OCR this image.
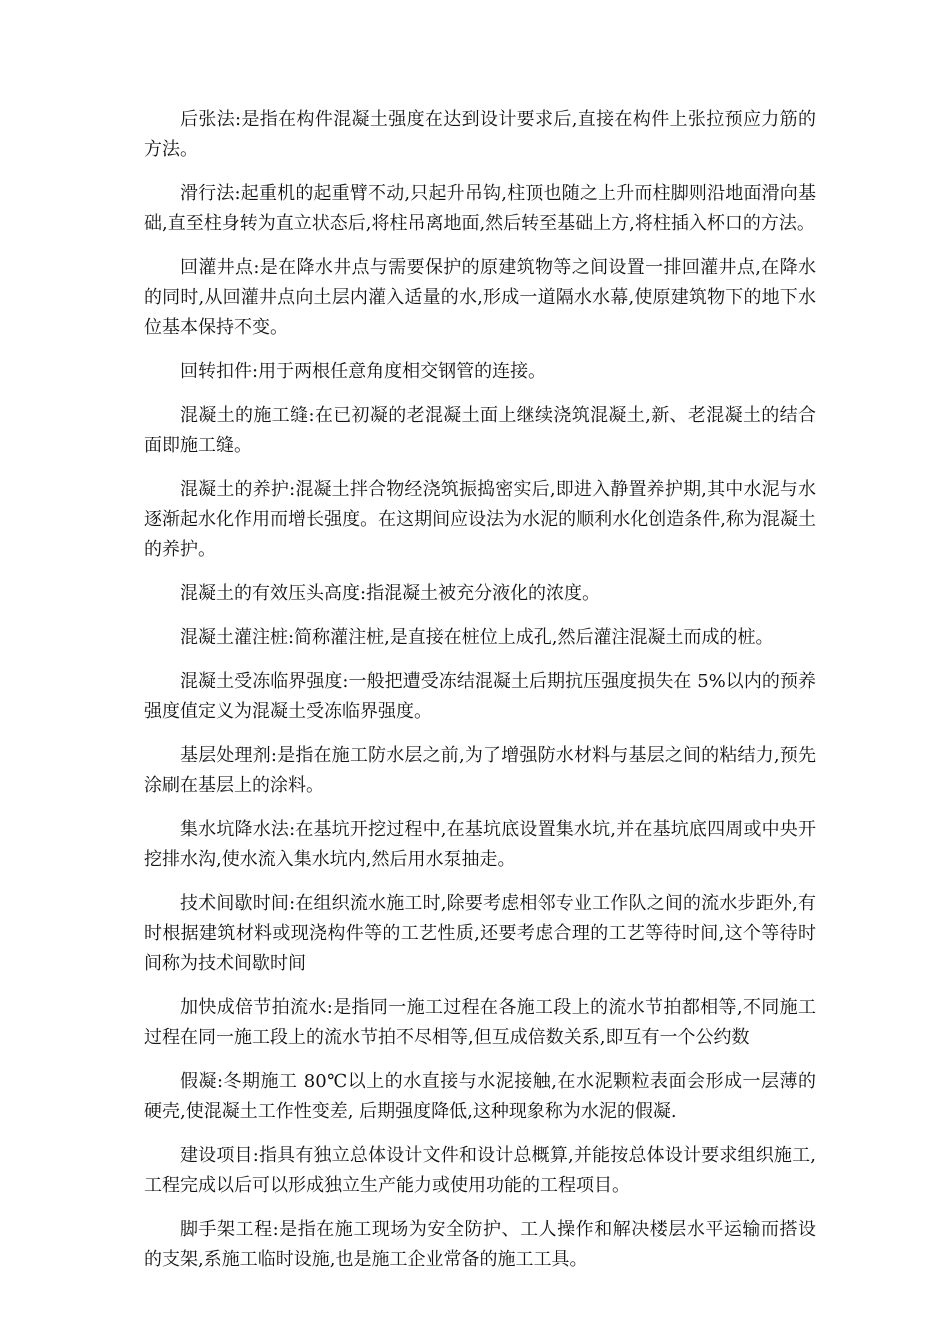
后张法:是指在构件混凝土强度在达到设计要求后,直接在构件上张拉预应力筋的方法。

滑行法:起重机的起重臂不动,只起升吊钩,柱顶也随之上升而柱脚则沿地面滑向基础,直至柱身转为直立状态后,将柱吊离地面,然后转至基础上方,将柱插入杯口的方法。

回灌井点:是在降水井点与需要保护的原建筑物等之间设置一排回灌井点,在降水的同时,从回灌井点向土层内灌入适量的水,形成一道隔水水幕,使原建筑物下的地下水位基本保持不变。

回转扣件:用于两根任意角度相交钢管的连接。

混凝土的施工缝:在已初凝的老混凝土面上继续浇筑混凝土,新、老混凝土的结合面即施工缝。

混凝土的养护:混凝土拌合物经浇筑振捣密实后,即进入静置养护期,其中水泥与水逐渐起水化作用而增长强度。在这期间应设法为水泥的顺利水化创造条件,称为混凝土的养护。

混凝土的有效压头高度:指混凝土被充分液化的浓度。

混凝土灌注桩:简称灌注桩,是直接在桩位上成孔,然后灌注混凝土而成的桩。

混凝土受冻临界强度:一般把遭受冻结混凝土后期抗压强度损失在 5%以内的预养强度值定义为混凝土受冻临界强度。

基层处理剂:是指在施工防水层之前,为了增强防水材料与基层之间的粘结力,预先涂刷在基层上的涂料。

集水坑降水法:在基坑开挖过程中,在基坑底设置集水坑,并在基坑底四周或中央开挖排水沟,使水流入集水坑内,然后用水泵抽走。

技术间歇时间:在组织流水施工时,除要考虑相邻专业工作队之间的流水步距外,有时根据建筑材料或现浇构件等的工艺性质,还要考虑合理的工艺等待时间,这个等待时间称为技术间歇时间

加快成倍节拍流水:是指同一施工过程在各施工段上的流水节拍都相等,不同施工过程在同一施工段上的流水节拍不尽相等,但互成倍数关系,即互有一个公约数

假凝:冬期施工 80℃以上的水直接与水泥接触,在水泥颗粒表面会形成一层薄的硬壳,使混凝土工作性变差, 后期强度降低,这种现象称为水泥的假凝.

建设项目:指具有独立总体设计文件和设计总概算,并能按总体设计要求组织施工,工程完成以后可以形成独立生产能力或使用功能的工程项目。

脚手架工程:是指在施工现场为安全防护、工人操作和解决楼层水平运输而搭设的支架,系施工临时设施,也是施工企业常备的施工工具。
